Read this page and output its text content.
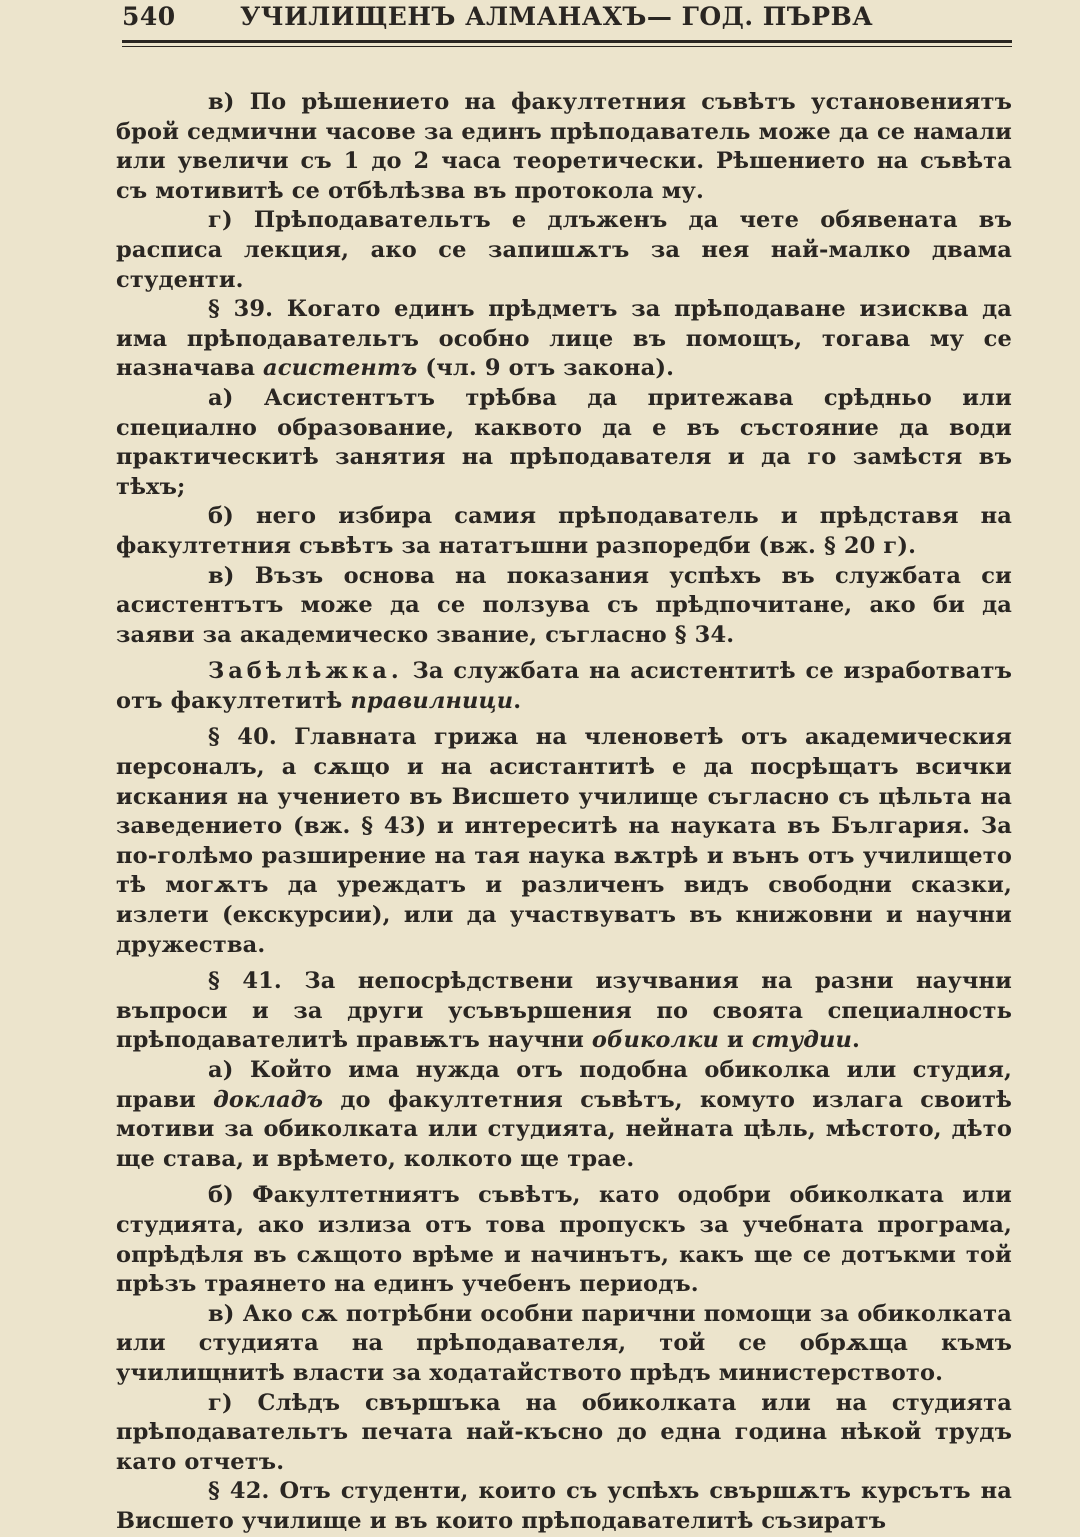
540	УЧИЛИЩЕНЪ АЛМАНАХЪ— ГОД. ПЪРВА

в) По рѣшението на факултетния съвѣтъ установениятъ брой седмични часове за единъ прѣподаватель може да се намали или увеличи съ 1 до 2 часа теоретически. Рѣшението на съвѣта съ мотивитѣ се отбѣлѣзва въ протокола му.

г) Прѣподавательтъ е длъженъ да чете обявената въ расписа лекция, ако се запишѫтъ за нея най-малко двама студенти.

§ 39. Когато единъ прѣдметъ за прѣподаване изисква да има прѣподавательтъ особно лице въ помощъ, тогава му се назначава асистентъ (чл. 9 отъ закона).

а) Асистентътъ трѣбва да притежава срѣдньо или специално образование, каквото да е въ състояние да води практическитѣ занятия на прѣподавателя и да го замѣстя въ тѣхъ;

б) него избира самия прѣподаватель и прѣдставя на факултетния съвѣтъ за нататъшни разпоредби (вж. § 20 г).

в) Възъ основа на показания успѣхъ въ службата си асистентътъ може да се ползува съ прѣдпочитане, ако би да заяви за академическо звание, съгласно § 34.

Забѣлѣжка. За службата на асистентитѣ се изработватъ отъ факултетитѣ правилници.

§ 40. Главната грижа на членоветѣ отъ академическия персоналъ, а сѫщо и на асистантитѣ е да посрѣщатъ всички искания на учението въ Висшето училище съгласно съ цѣльта на заведението (вж. § 43) и интереситѣ на науката въ България. За по-голѣмо разширение на тая наука вѫтрѣ и вънъ отъ училището тѣ могѫтъ да уреждатъ и различенъ видъ свободни сказки, излети (екскурсии), или да участвуватъ въ книжовни и научни дружества.

§ 41. За непосрѣдствени изучвания на разни научни въпроси и за други усъвършения по своята специалность прѣподавателитѣ правѭтъ научни обиколки и студии.

а) Който има нужда отъ подобна обиколка или студия, прави докладъ до факултетния съвѣтъ, комуто излага своитѣ мотиви за обиколката или студията, нейната цѣль, мѣстото, дѣто ще става, и врѣмето, колкото ще трае.

б) Факултетниятъ съвѣтъ, като одобри обиколката или студията, ако излиза отъ това пропускъ за учебната програма, опрѣдѣля въ сѫщото врѣме и начинътъ, какъ ще се дотъкми той прѣзъ траянето на единъ учебенъ периодъ.

в) Ако сѫ потрѣбни особни парични помощи за обиколката или студията на прѣподавателя, той се обрѫща къмъ училищнитѣ власти за ходатайството прѣдъ министерството.

г) Слѣдъ свършъка на обиколката или на студията прѣподавательтъ печата най-късно до една година нѣкой трудъ като отчетъ.

§ 42. Отъ студенти, които съ успѣхъ свършѫтъ курсътъ на Висшето училище и въ които прѣподавателитѣ съзиратъ
